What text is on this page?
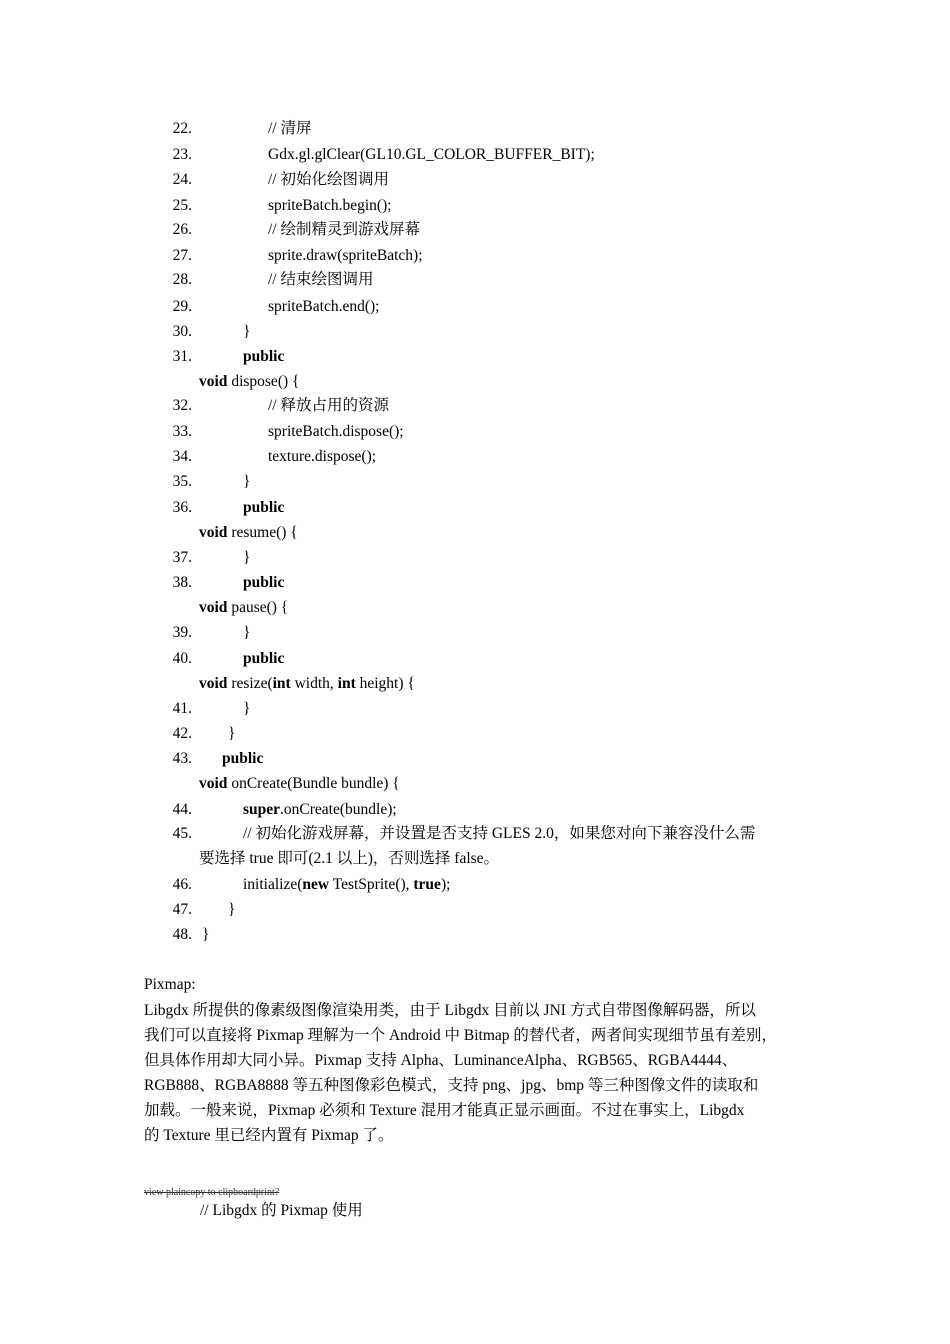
22.	// 清屏
23.	Gdx.gl.glClear(GL10.GL_COLOR_BUFFER_BIT);
24.	// 初始化绘图调用
25.	spriteBatch.begin();
26.	// 绘制精灵到游戏屏幕
27.	sprite.draw(spriteBatch);
28.	// 结束绘图调用
29.	spriteBatch.end();
30.	}
31.	public
void dispose() {
32.	// 释放占用的资源
33.	spriteBatch.dispose();
34.	texture.dispose();
35.	}
36.	public
void resume() {
37.	}
38.	public
void pause() {
39.	}
40.	public
void resize(int width, int height) {
41.	}
42. }
43. public
void onCreate(Bundle bundle) {
44.	super.onCreate(bundle);
45.	// 初始化游戏屏幕，并设置是否支持 GLES 2.0，如果您对向下兼容没什么需
要选择 true 即可(2.1 以上)，否则选择 false。
46.	initialize(new TestSprite(), true);
47. }
48. }
Pixmap:
Libgdx 所提供的像素级图像渲染用类，由于 Libgdx 目前以 JNI 方式自带图像解码器，所以
我们可以直接将 Pixmap 理解为一个 Android 中 Bitmap 的替代者，两者间实现细节虽有差别，
但具体作用却大同小异。Pixmap 支持 Alpha、LuminanceAlpha、RGB565、RGBA4444、
RGB888、RGBA8888 等五种图像彩色模式，支持 png、jpg、bmp 等三种图像文件的读取和
加载。一般来说，Pixmap 必须和 Texture 混用才能真正显示画面。不过在事实上，Libgdx
的 Texture 里已经内置有 Pixmap 了。
view plaincopy to clipboardprint?
// Libgdx 的 Pixmap 使用
